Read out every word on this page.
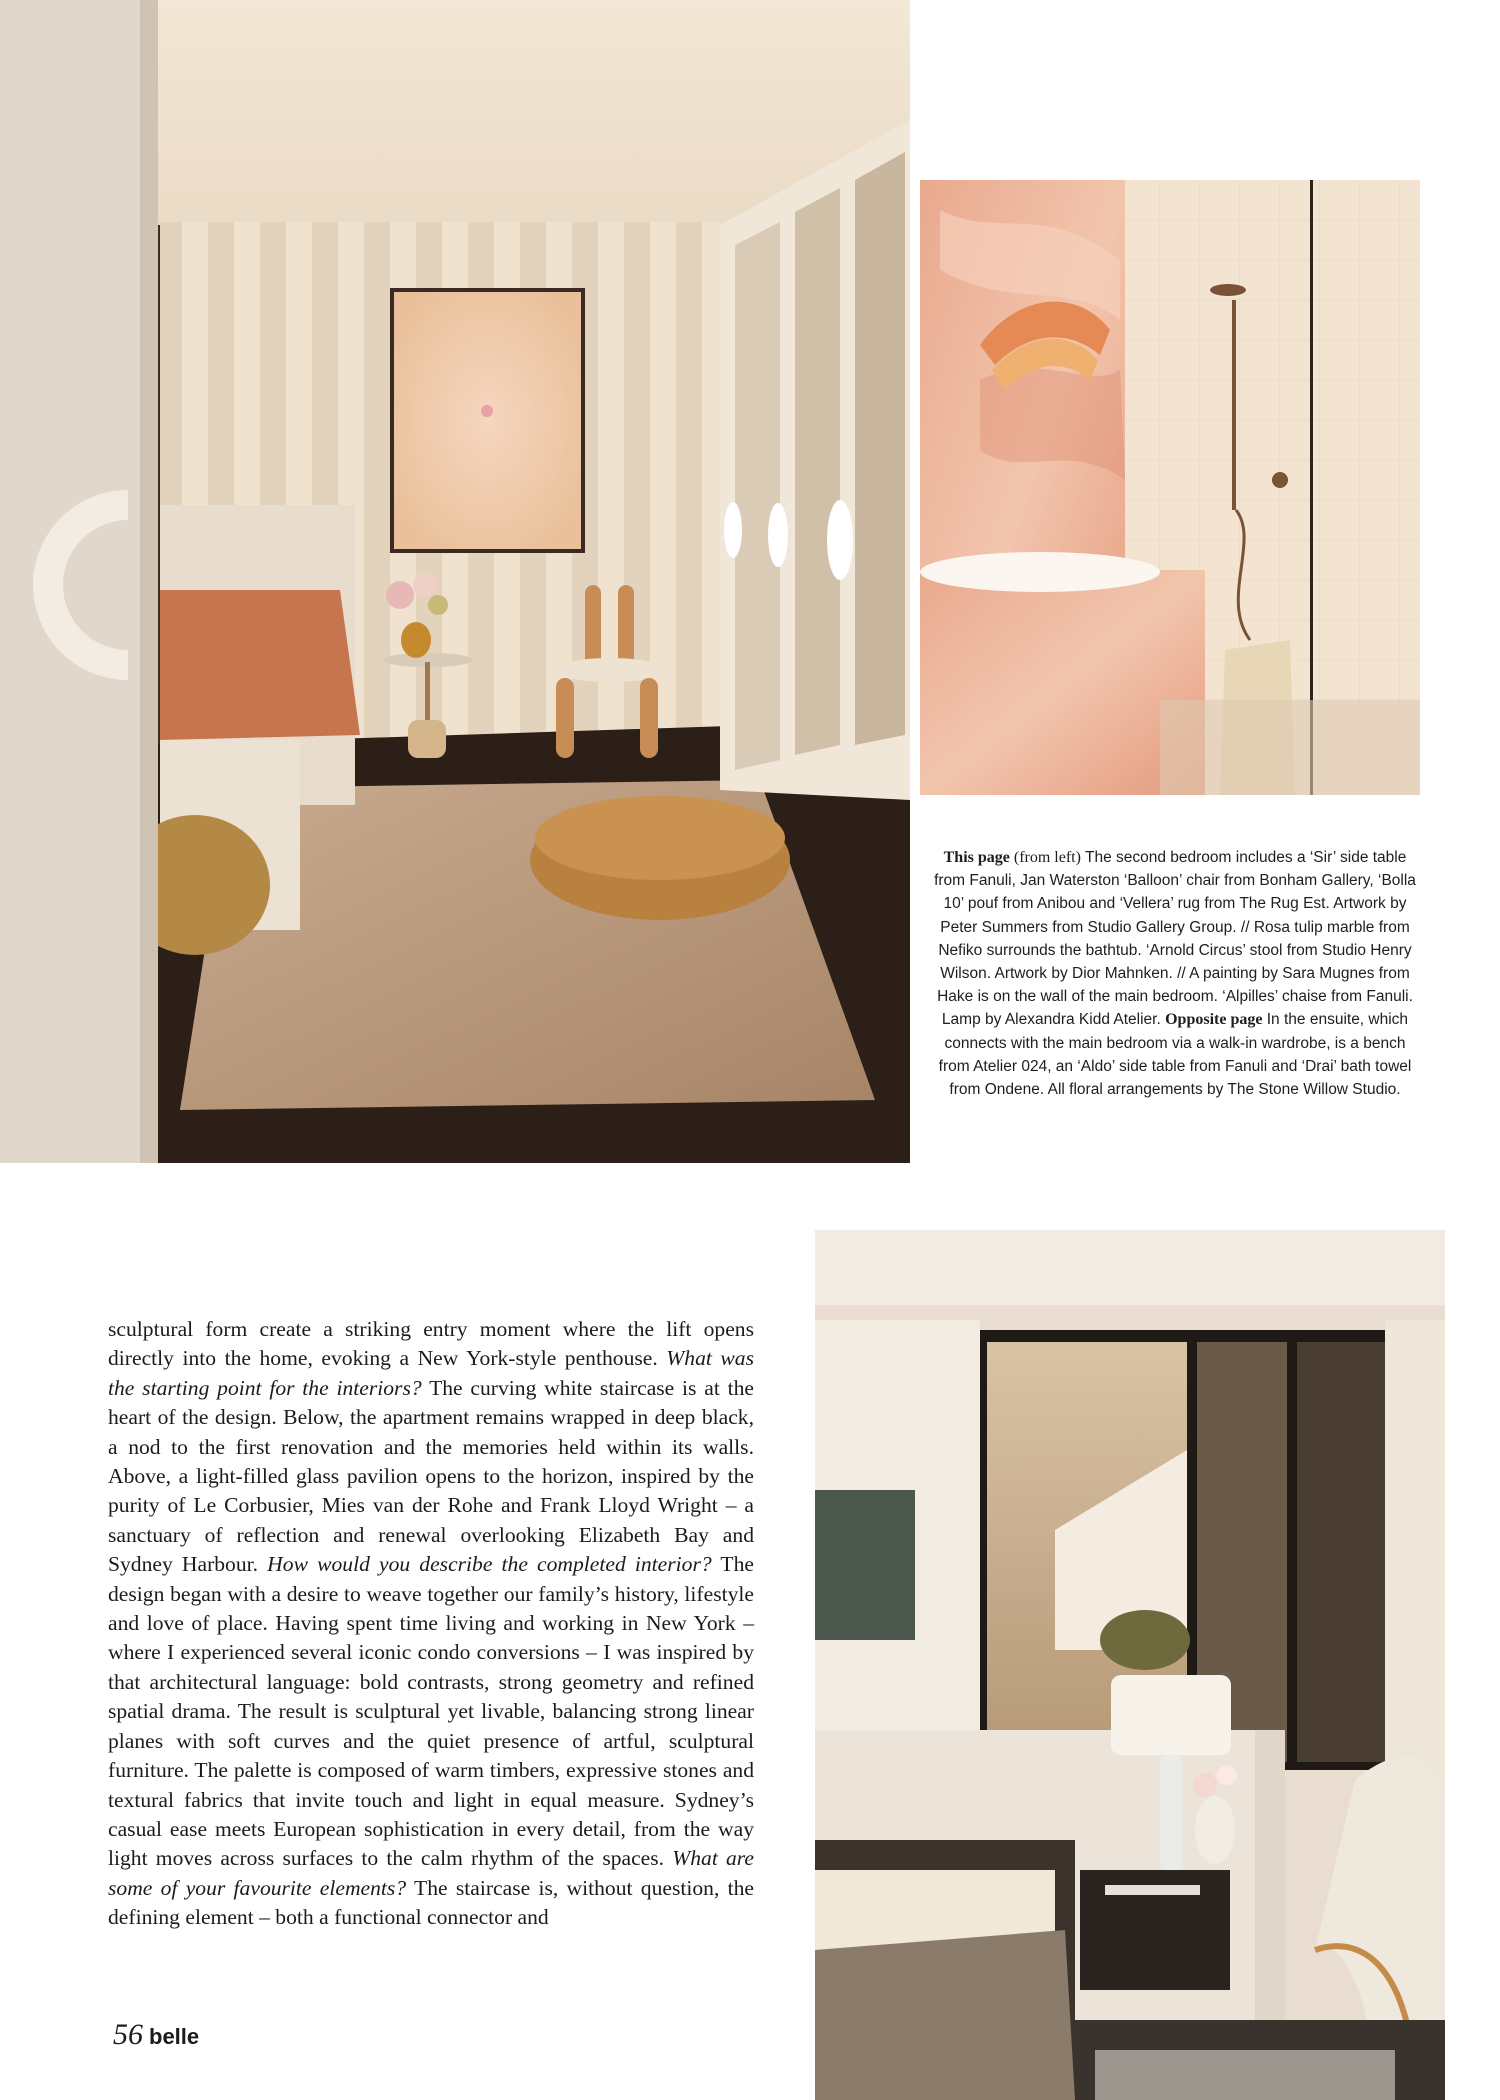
This page (from left) The second bedroom includes a ‘Sir’ side table from Fanuli, Jan Waterston ‘Balloon’ chair from Bonham Gallery, ‘Bolla 10’ pouf from Anibou and ‘Vellera’ rug from The Rug Est. Artwork by Peter Summers from Studio Gallery Group. // Rosa tulip marble from Nefiko surrounds the bathtub. ‘Arnold Circus’ stool from Studio Henry Wilson. Artwork by Dior Mahnken. // A painting by Sara Mugnes from Hake is on the wall of the main bedroom. ‘Alpilles’ chaise from Fanuli. Lamp by Alexandra Kidd Atelier. Opposite page In the ensuite, which connects with the main bedroom via a walk-in wardrobe, is a bench from Atelier 024, an ‘Aldo’ side table from Fanuli and ‘Drai’ bath towel from Ondene. All floral arrangements by The Stone Willow Studio.
sculptural form create a striking entry moment where the lift opens directly into the home, evoking a New York-style penthouse. What was the starting point for the interiors? The curving white staircase is at the heart of the design. Below, the apartment remains wrapped in deep black, a nod to the first renovation and the memories held within its walls. Above, a light-filled glass pavilion opens to the horizon, inspired by the purity of Le Corbusier, Mies van der Rohe and Frank Lloyd Wright – a sanctuary of reflection and renewal overlooking Elizabeth Bay and Sydney Harbour. How would you describe the completed interior? The design began with a desire to weave together our family’s history, lifestyle and love of place. Having spent time living and working in New York – where I experienced several iconic condo conversions – I was inspired by that architectural language: bold contrasts, strong geometry and refined spatial drama. The result is sculptural yet livable, balancing strong linear planes with soft curves and the quiet presence of artful, sculptural furniture. The palette is composed of warm timbers, expressive stones and textural fabrics that invite touch and light in equal measure. Sydney’s casual ease meets European sophistication in every detail, from the way light moves across surfaces to the calm rhythm of the spaces. What are some of your favourite elements? The staircase is, without question, the defining element – both a functional connector and
56 belle
